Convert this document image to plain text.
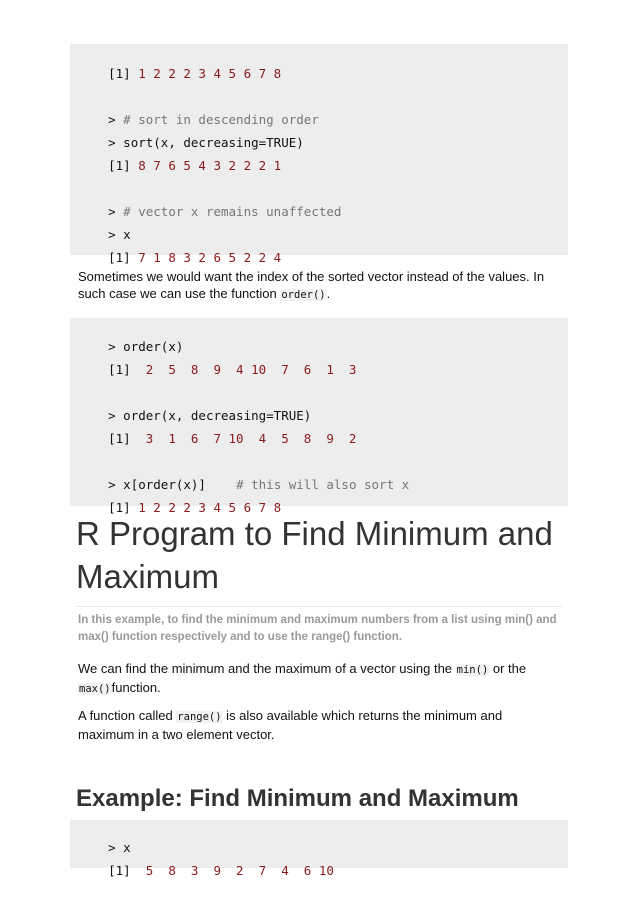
[1] 1 2 2 2 3 4 5 6 7 8

> # sort in descending order

> sort(x, decreasing=TRUE)

[1] 8 7 6 5 4 3 2 2 2 1

> # vector x remains unaffected

> x

[1] 7 1 8 3 2 6 5 2 2 4

Sometimes we would want the index of the sorted vector instead of the values. In such case we can use the function order().

> order(x)

[1]  2  5  8  9  4 10  7  6  1  3

> order(x, decreasing=TRUE)

[1]  3  1  6  7 10  4  5  8  9  2

> x[order(x)]    # this will also sort x

[1] 1 2 2 2 3 4 5 6 7 8

R Program to Find Minimum and Maximum
In this example, to find the minimum and maximum numbers from a list using min() and max() function respectively and to use the range() function.
We can find the minimum and the maximum of a vector using the min() or the max()function.
A function called range() is also available which returns the minimum and maximum in a two element vector.
Example: Find Minimum and Maximum

> x

[1]  5  8  3  9  2  7  4  6 10
